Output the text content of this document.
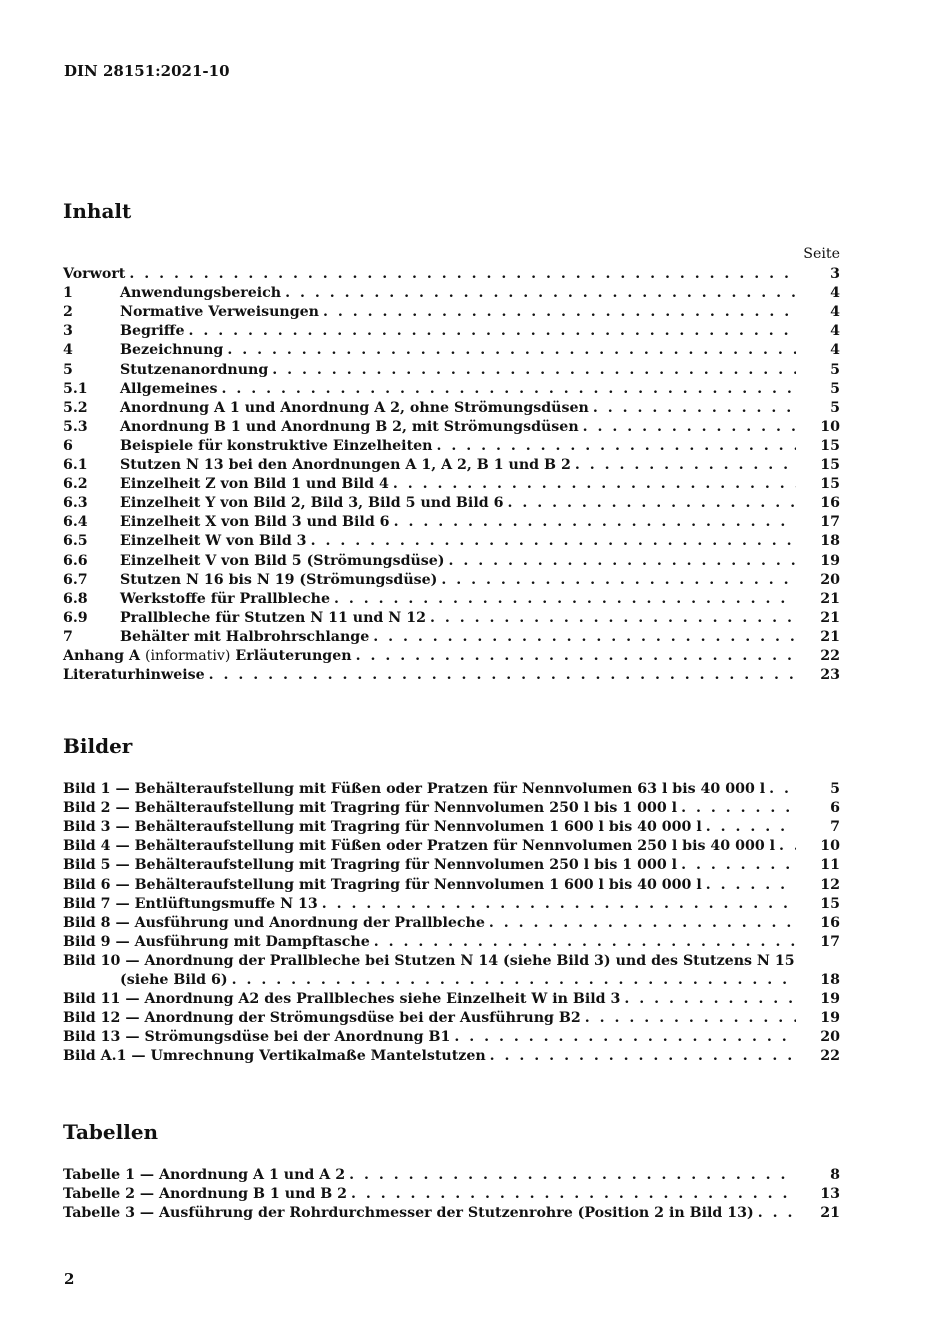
DIN 28151:2021-10
Inhalt
Seite
Vorwort . . .	3
1	Anwendungsbereich . . .	4
2	Normative Verweisungen . . .	4
3	Begriffe . . .	4
4	Bezeichnung . . .	4
5	Stutzenanordnung . . .	5
5.1	Allgemeines . . .	5
5.2	Anordnung A 1 und Anordnung A 2, ohne Strömungsdüsen . . .	5
5.3	Anordnung B 1 und Anordnung B 2, mit Strömungsdüsen . . .	10
6	Beispiele für konstruktive Einzelheiten . . .	15
6.1	Stutzen N 13 bei den Anordnungen A 1, A 2, B 1 und B 2 . . .	15
6.2	Einzelheit Z von Bild 1 und Bild 4 . . .	15
6.3	Einzelheit Y von Bild 2, Bild 3, Bild 5 und Bild 6 . . .	16
6.4	Einzelheit X von Bild 3 und Bild 6 . . .	17
6.5	Einzelheit W von Bild 3 . . .	18
6.6	Einzelheit V von Bild 5 (Strömungsdüse) . . .	19
6.7	Stutzen N 16 bis N 19 (Strömungsdüse) . . .	20
6.8	Werkstoffe für Prallbleche . . .	21
6.9	Prallbleche für Stutzen N 11 und N 12 . . .	21
7	Behälter mit Halbrohrschlange . . .	21
Anhang A (informativ) Erläuterungen . . .	22
Literaturhinweise . . .	23
Bilder
Bild 1 — Behälteraufstellung mit Füßen oder Pratzen für Nennvolumen 63 l bis 40 000 l . . .	5
Bild 2 — Behälteraufstellung mit Tragring für Nennvolumen 250 l bis 1 000 l . . .	6
Bild 3 — Behälteraufstellung mit Tragring für Nennvolumen 1 600 l bis 40 000 l . . .	7
Bild 4 — Behälteraufstellung mit Füßen oder Pratzen für Nennvolumen 250 l bis 40 000 l . . .	10
Bild 5 — Behälteraufstellung mit Tragring für Nennvolumen 250 l bis 1 000 l . . .	11
Bild 6 — Behälteraufstellung mit Tragring für Nennvolumen 1 600 l bis 40 000 l . . .	12
Bild 7 — Entlüftungsmuffe N 13 . . .	15
Bild 8 — Ausführung und Anordnung der Prallbleche . . .	16
Bild 9 — Ausführung mit Dampftasche . . .	17
Bild 10 — Anordnung der Prallbleche bei Stutzen N 14 (siehe Bild 3) und des Stutzens N 15
(siehe Bild 6) . . .	18
Bild 11 — Anordnung A2 des Prallbleches siehe Einzelheit W in Bild 3 . . .	19
Bild 12 — Anordnung der Strömungsdüse bei der Ausführung B2 . . .	19
Bild 13 — Strömungsdüse bei der Anordnung B1 . . .	20
Bild A.1 — Umrechnung Vertikalmaße Mantelstutzen . . .	22
Tabellen
Tabelle 1 — Anordnung A 1 und A 2 . . .	8
Tabelle 2 — Anordnung B 1 und B 2 . . .	13
Tabelle 3 — Ausführung der Rohrdurchmesser der Stutzenrohre (Position 2 in Bild 13) . . .	21
2
